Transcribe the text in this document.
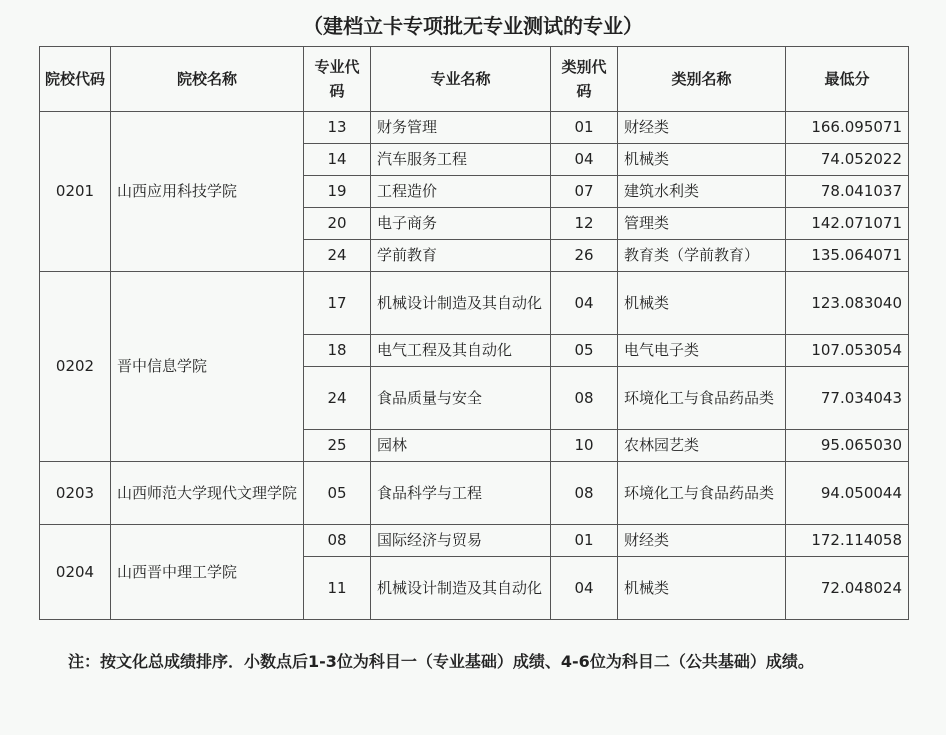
（建档立卡专项批无专业测试的专业）
院校代码	院校名称	专业代码	专业名称	类别代码	类别名称	最低分
0201	山西应用科技学院	13	财务管理	01	财经类	166.095071
		14	汽车服务工程	04	机械类	74.052022
		19	工程造价	07	建筑水利类	78.041037
		20	电子商务	12	管理类	142.071071
		24	学前教育	26	教育类（学前教育）	135.064071
0202	晋中信息学院	17	机械设计制造及其自动化	04	机械类	123.083040
		18	电气工程及其自动化	05	电气电子类	107.053054
		24	食品质量与安全	08	环境化工与食品药品类	77.034043
		25	园林	10	农林园艺类	95.065030
0203	山西师范大学现代文理学院	05	食品科学与工程	08	环境化工与食品药品类	94.050044
0204	山西晋中理工学院	08	国际经济与贸易	01	财经类	172.114058
		11	机械设计制造及其自动化	04	机械类	72.048024
注：按文化总成绩排序．小数点后1-3位为科目一（专业基础）成绩、4-6位为科目二（公共基础）成绩。
